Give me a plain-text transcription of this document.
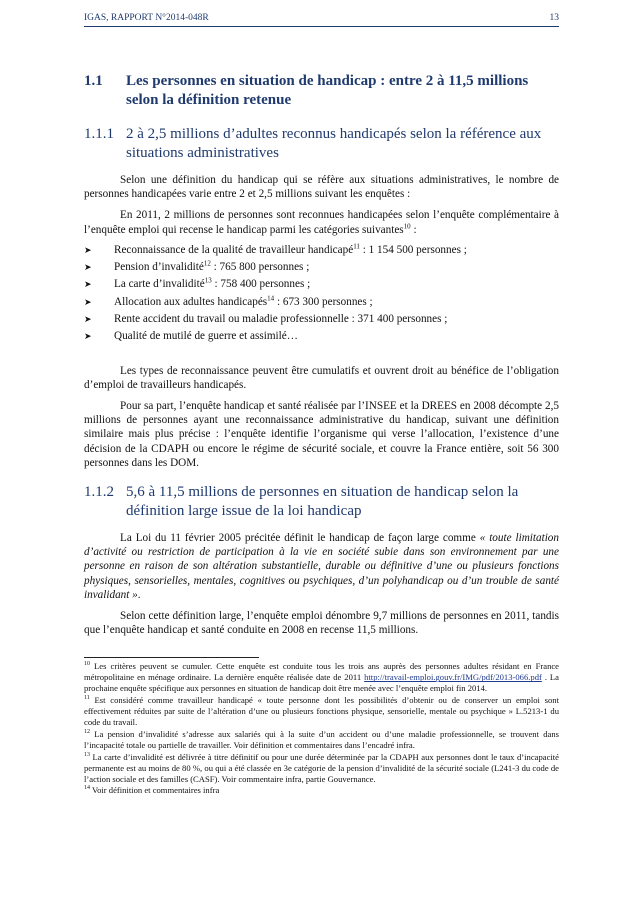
IGAS, RAPPORT N°2014-048R	13
1.1	Les personnes en situation de handicap : entre 2 à 11,5 millions selon la définition retenue
1.1.1 2 à 2,5 millions d’adultes reconnus handicapés selon la référence aux situations administratives

Selon une définition du handicap qui se réfère aux situations administratives, le nombre de personnes handicapées varie entre 2 et 2,5 millions suivant les enquêtes :

En 2011, 2 millions de personnes sont reconnues handicapées selon l’enquête complémentaire à l’enquête emploi qui recense le handicap parmi les catégories suivantes$^{10}$ :

➤	Reconnaissance de la qualité de travailleur handicapé$^{11}$ : 1 154 500 personnes ;
➤	Pension d’invalidité$^{12}$ : 765 800 personnes ;
➤	La carte d’invalidité$^{13}$ : 758 400 personnes ;
➤	Allocation aux adultes handicapés$^{14}$ : 673 300 personnes ;
➤	Rente accident du travail ou maladie professionnelle : 371 400 personnes ;
➤	Qualité de mutilé de guerre et assimilé…

Les types de reconnaissance peuvent être cumulatifs et ouvrent droit au bénéfice de l’obligation d’emploi de travailleurs handicapés.

Pour sa part, l’enquête handicap et santé réalisée par l’INSEE et la DREES en 2008 décompte 2,5 millions de personnes ayant une reconnaissance administrative du handicap, suivant une définition similaire mais plus précise : l’enquête identifie l’organisme qui verse l’allocation, l’existence d’une décision de la CDAPH ou encore le régime de sécurité sociale, et couvre la France entière, soit 56 300 personnes dans les DOM.

1.1.2 5,6 à 11,5 millions de personnes en situation de handicap selon la définition large issue de la loi handicap

La Loi du 11 février 2005 précitée définit le handicap de façon large comme « toute limitation d’activité ou restriction de participation à la vie en société subie dans son environnement par une personne en raison de son altération substantielle, durable ou définitive d’une ou plusieurs fonctions physiques, sensorielles, mentales, cognitives ou psychiques, d’un polyhandicap ou d’un trouble de santé invalidant ».

Selon cette définition large, l’enquête emploi dénombre 9,7 millions de personnes en 2011, tandis que l’enquête handicap et santé conduite en 2008 en recense 11,5 millions.

$^{10}$ Les critères peuvent se cumuler. Cette enquête est conduite tous les trois ans auprès des personnes adultes résidant en France métropolitaine en ménage ordinaire. La dernière enquête réalisée date de 2011 http://travail-emploi.gouv.fr/IMG/pdf/2013-066.pdf . La prochaine enquête spécifique aux personnes en situation de handicap doit être menée avec l’enquête emploi fin 2014.
$^{11}$ Est considéré comme travailleur handicapé « toute personne dont les possibilités d’obtenir ou de conserver un emploi sont effectivement réduites par suite de l’altération d’une ou plusieurs fonctions physique, sensorielle, mentale ou psychique » L.5213-1 du code du travail.
$^{12}$ La pension d’invalidité s’adresse aux salariés qui à la suite d’un accident ou d’une maladie professionnelle, se trouvent dans l’incapacité totale ou partielle de travailler. Voir définition et commentaires dans l’encadré infra.
$^{13}$ La carte d’invalidité est délivrée à titre définitif ou pour une durée déterminée par la CDAPH aux personnes dont le taux d’incapacité permanente est au moins de 80 %, ou qui a été classée en 3e catégorie de la pension d’invalidité de la sécurité sociale (L241-3 du code de l’action sociale et des familles (CASF). Voir commentaire infra, partie Gouvernance.
$^{14}$ Voir définition et commentaires infra
